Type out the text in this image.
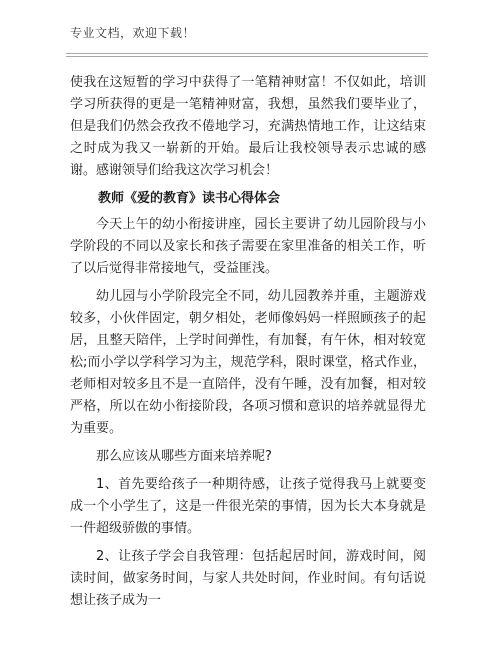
专业文档，欢迎下载！

使我在这短暂的学习中获得了一笔精神财富！不仅如此，培训学习所获得的更是一笔精神财富，我想，虽然我们要毕业了，但是我们仍然会孜孜不倦地学习，充满热情地工作，让这结束之时成为我又一崭新的开始。最后让我校领导表示忠诚的感谢。感谢领导们给我这次学习机会！

教师《爱的教育》读书心得体会

今天上午的幼小衔接讲座，园长主要讲了幼儿园阶段与小学阶段的不同以及家长和孩子需要在家里准备的相关工作，听了以后觉得非常接地气，受益匪浅。

幼儿园与小学阶段完全不同，幼儿园教养并重，主题游戏较多，小伙伴固定，朝夕相处，老师像妈妈一样照顾孩子的起居，且整天陪伴，上学时间弹性，有加餐，有午休，相对较宽松;而小学以学科学习为主，规范学科，限时课堂，格式作业，老师相对较多且不是一直陪伴，没有午睡，没有加餐，相对较严格，所以在幼小衔接阶段，各项习惯和意识的培养就显得尤为重要。

那么应该从哪些方面来培养呢?

1、首先要给孩子一种期待感，让孩子觉得我马上就要变成一个小学生了，这是一件很光荣的事情，因为长大本身就是一件超级骄傲的事情。

2、让孩子学会自我管理：包括起居时间，游戏时间，阅读时间，做家务时间，与家人共处时间，作业时间。有句话说想让孩子成为一
